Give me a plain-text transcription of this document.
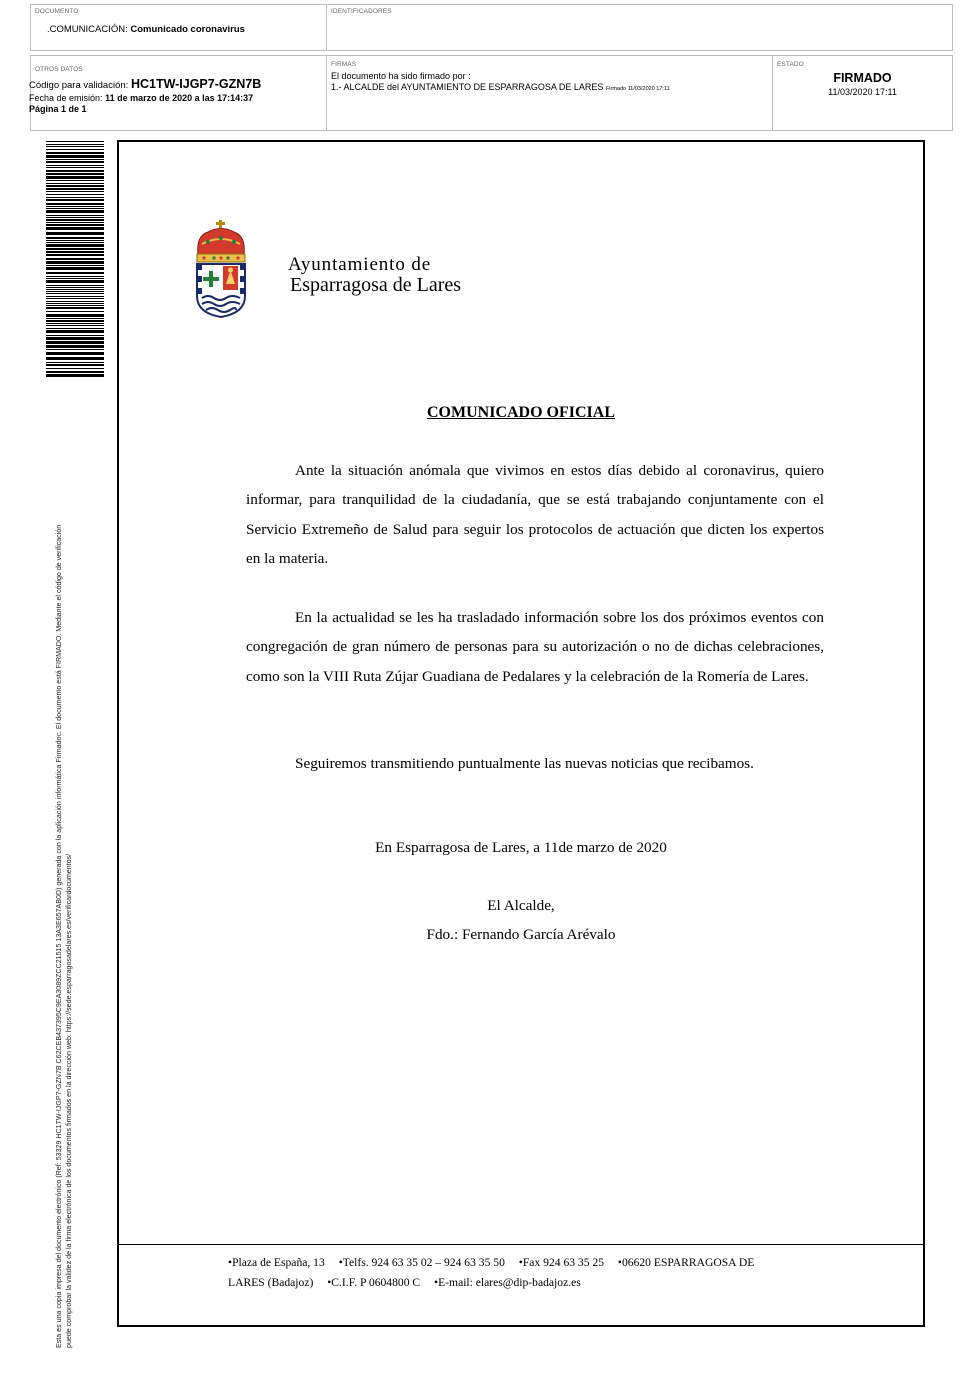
DOCUMENTO
.COMUNICACIÓN: Comunicado coronavirus
IDENTIFICADORES
OTROS DATOS
Código para validación: HC1TW-IJGP7-GZN7B
Fecha de emisión: 11 de marzo de 2020 a las 17:14:37
Página 1 de 1
FIRMAS
El documento ha sido firmado por :
1.- ALCALDE del AYUNTAMIENTO DE ESPARRAGOSA DE LARES Firmado 11/03/2020 17:11
ESTADO
FIRMADO
11/03/2020 17:11
Esta es una copia impresa del documento electrónico (Ref: 53329 HC1TW-IJGP7-GZN7B C62CEB437395C9EA3089ZCC21515 13A3E657AB0D) generada con la aplicación informática Firmadoc. El documento está FIRMADO. Mediante el código de verificación puede comprobar la validez de la firma electrónica de los documentos firmados en la dirección web: https://sede.esparragosadelares.es/verificardocumentos/
Ayuntamiento de
Esparragosa de Lares
COMUNICADO OFICIAL
Ante la situación anómala que vivimos en estos días debido al coronavirus, quiero informar, para tranquilidad de la ciudadanía, que se está trabajando conjuntamente con el Servicio Extremeño de Salud para seguir los protocolos de actuación que dicten los expertos en la materia.
En la actualidad se les ha trasladado información sobre los dos próximos eventos con congregación de gran número de personas para su autorización o no de dichas celebraciones, como son la VIII Ruta Zújar Guadiana de Pedalares y la celebración de la Romería de Lares.
Seguiremos transmitiendo puntualmente las nuevas noticias que recibamos.
En Esparragosa de Lares, a 11de marzo de 2020
El Alcalde,
Fdo.: Fernando García Arévalo
•Plaza de España, 13 •Telfs. 924 63 35 02 – 924 63 35 50 •Fax 924 63 35 25 •06620 ESPARRAGOSA DE
LARES (Badajoz) •C.I.F. P 0604800 C •E-mail: elares@dip-badajoz.es
